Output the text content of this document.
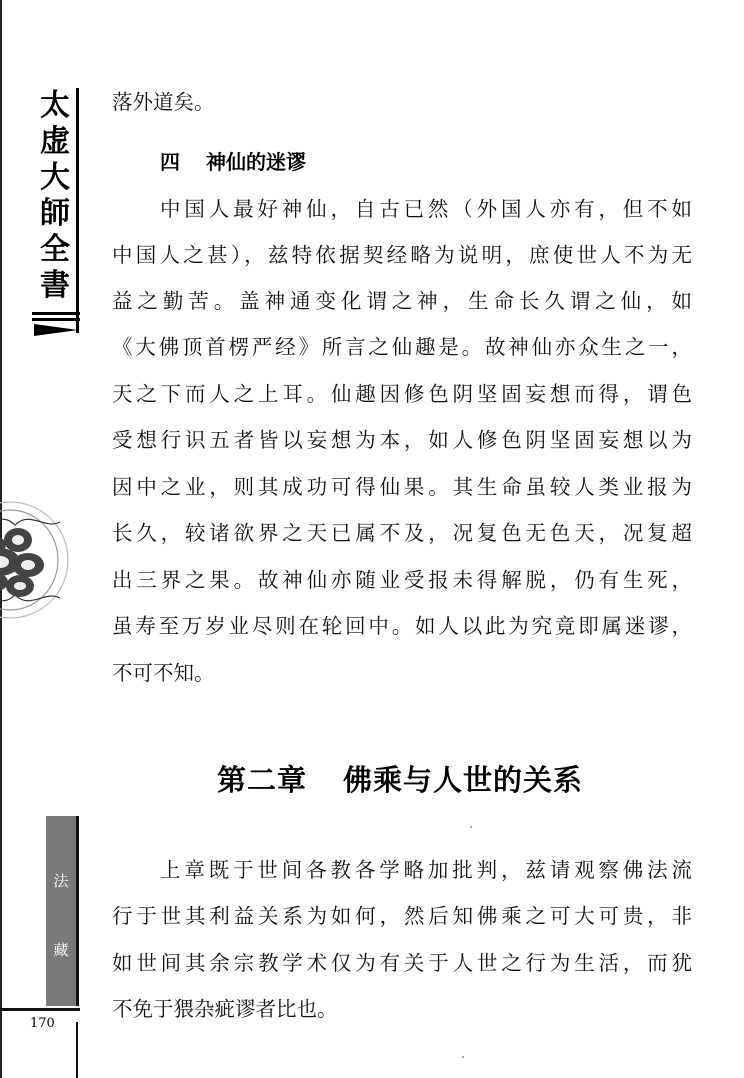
太
虚
大
師
全
書
法
藏
170
落外道矣。
四 神仙的迷谬
中国人最好神仙，自古已然（外国人亦有，但不如
中国人之甚），兹特依据契经略为说明，庶使世人不为无
益之勤苦。盖神通变化谓之神，生命长久谓之仙，如
《大佛顶首楞严经》所言之仙趣是。故神仙亦众生之一，
天之下而人之上耳。仙趣因修色阴坚固妄想而得，谓色
受想行识五者皆以妄想为本，如人修色阴坚固妄想以为
因中之业，则其成功可得仙果。其生命虽较人类业报为
长久，较诸欲界之天已属不及，况复色无色天，况复超
出三界之果。故神仙亦随业受报未得解脱，仍有生死，
虽寿至万岁业尽则在轮回中。如人以此为究竟即属迷谬，
不可不知。
第二章 佛乘与人世的关系
上章既于世间各教各学略加批判，兹请观察佛法流
行于世其利益关系为如何，然后知佛乘之可大可贵，非
如世间其余宗教学术仅为有关于人世之行为生活，而犹
不免于猥杂疵谬者比也。
